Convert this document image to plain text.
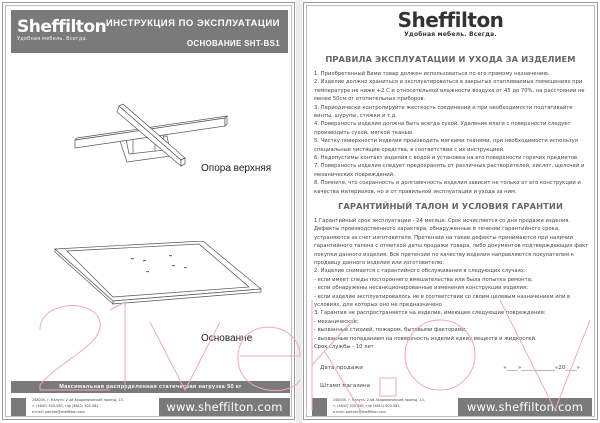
Sheffilton
Удобная мебель. Всегда.
ИНСТРУКЦИЯ ПО ЭКСПЛУАТАЦИИ
ОСНОВАНИЕ SHT-BS1
Опора верхняя
Основание
Максимальная распределенная статическая нагрузка 50 кг
248035, г. Калуга, 2-ой Академический проезд, 13,
т. (4842) 500-580, т/ф (4842) 500-581,
e-mail: partner@sheffilton.com	www.sheffilton.com
Sheffilton
Удобная мебель. Всегда.
ПРАВИЛА ЭКСПЛУАТАЦИИ И УХОДА ЗА ИЗДЕЛИЕМ

1. Приобретенный Вами товар должен использоваться по его прямому назначению.

2. Изделие должно храниться и эксплуатироваться в закрытых отапливаемых помещениях при температуре не ниже +2 С и относительной влажности воздуха от 45 до 70%, на расстоянии не менее 50см от отопительных приборов.

3. Периодически контролируйте жесткость соединений и при необходимости подтягивайте винты, шурупы, стяжки и т.д.

4. Поверхность изделия должна быть всегда сухой. Удаление влаги с поверхности следует производить сухой, мягкой тканью.

5. Чистку поверхности изделия производить мягкими тканями, при необходимости используя специальные чистящие средства, в соответствии с их инструкцией.

6. Недопустимы контакт изделия с водой и установка на его поверхности горячих предметов.

7. Поверхность изделия следует предохранять от различных растворителей, кислот, щелочей и механических повреждений.

8. Помните, что сохранность и долговечность изделия зависит не только от его конструкции и качества материалов, но и от правильной эксплуатации и ухода за ним.

ГАРАНТИЙНЫЙ ТАЛОН И УСЛОВИЯ ГАРАНТИИ

1.Гарантийный срок эксплуатации - 24 месяца. Срок исчисляется со дня продажи изделия. Дефекты производственного характера, обнаруженные в течении гарантийного срока, устраняются за счет изготовителя. Претензии на такие дефекты принимаются при наличии гарантийного талона с отметкой даты продажи товара, либо документов подтверждающих факт покупки данного изделия. Все претензии по качеству изделия направляются покупателем к продавцу данного изделия или изготовителю.

2. Изделие снимается с гарантийного обслуживания в следующих случаях:

- если имеет следы постороннего вмешательства или была попытка ремонта;

- если обнаружены несанкционированные изменения конструкции изделия;

- если изделие эксплуатировалось не в соответствии со своим целевым назначением или в условиях, для которых оно не предназначено

3. Гарантия не распространяется на изделие, имеющее следующие повреждения:

- механические;

- вызванные стихией, пожаром, бытовыми факторами;

- вызванные попаданием на поверхность изделий едких веществ и жидкостей.

Срок службы - 10 лет

Дата продажи	«____»____________«20____»
Штамп магазина
248035, г. Калуга, 2-ой Академический проезд, 13,
т. (4842) 500-580, т/ф (4842) 500-581,
e-mail: partner@sheffilton.com	www.sheffilton.com
